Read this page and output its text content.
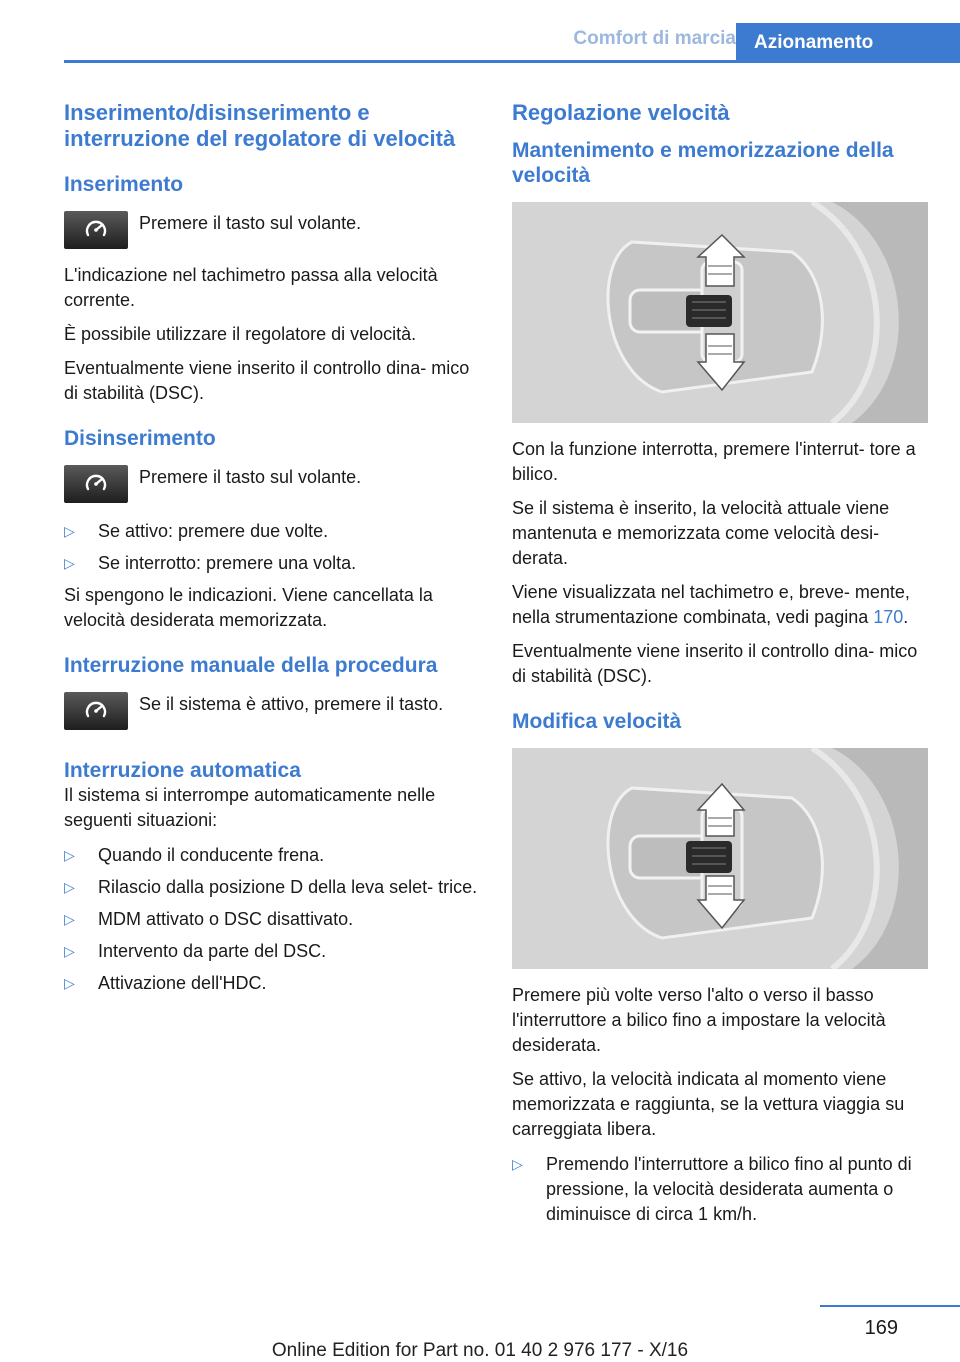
Comfort di marcia Azionamento
Inserimento/disinserimento e interruzione del regolatore di velocità
Inserimento

Premere il tasto sul volante.

L'indicazione nel tachimetro passa alla velocità corrente.

È possibile utilizzare il regolatore di velocità.

Eventualmente viene inserito il controllo dina‐ mico di stabilità (DSC).

Disinserimento

Premere il tasto sul volante.

▷	Se attivo: premere due volte.
▷	Se interrotto: premere una volta.

Si spengono le indicazioni. Viene cancellata la velocità desiderata memorizzata.

Interruzione manuale della procedura

Se il sistema è attivo, premere il tasto.

Interruzione automatica

Il sistema si interrompe automaticamente nelle seguenti situazioni:

▷	Quando il conducente frena.
▷	Rilascio dalla posizione D della leva selet‐ trice.
▷	MDM attivato o DSC disattivato.
▷	Intervento da parte del DSC.
▷	Attivazione dell'HDC.
Regolazione velocità
Mantenimento e memorizzazione della velocità

Con la funzione interrotta, premere l'interrut‐ tore a bilico.

Se il sistema è inserito, la velocità attuale viene mantenuta e memorizzata come velocità desi‐ derata.

Viene visualizzata nel tachimetro e, breve‐ mente, nella strumentazione combinata, vedi pagina 170.

Eventualmente viene inserito il controllo dina‐ mico di stabilità (DSC).

Modifica velocità

Premere più volte verso l'alto o verso il basso l'interruttore a bilico fino a impostare la velocità desiderata.

Se attivo, la velocità indicata al momento viene memorizzata e raggiunta, se la vettura viaggia su carreggiata libera.

▷	Premendo l'interruttore a bilico fino al punto di pressione, la velocità desiderata aumenta o diminuisce di circa 1 km/h.
169
Online Edition for Part no. 01 40 2 976 177 - X/16
